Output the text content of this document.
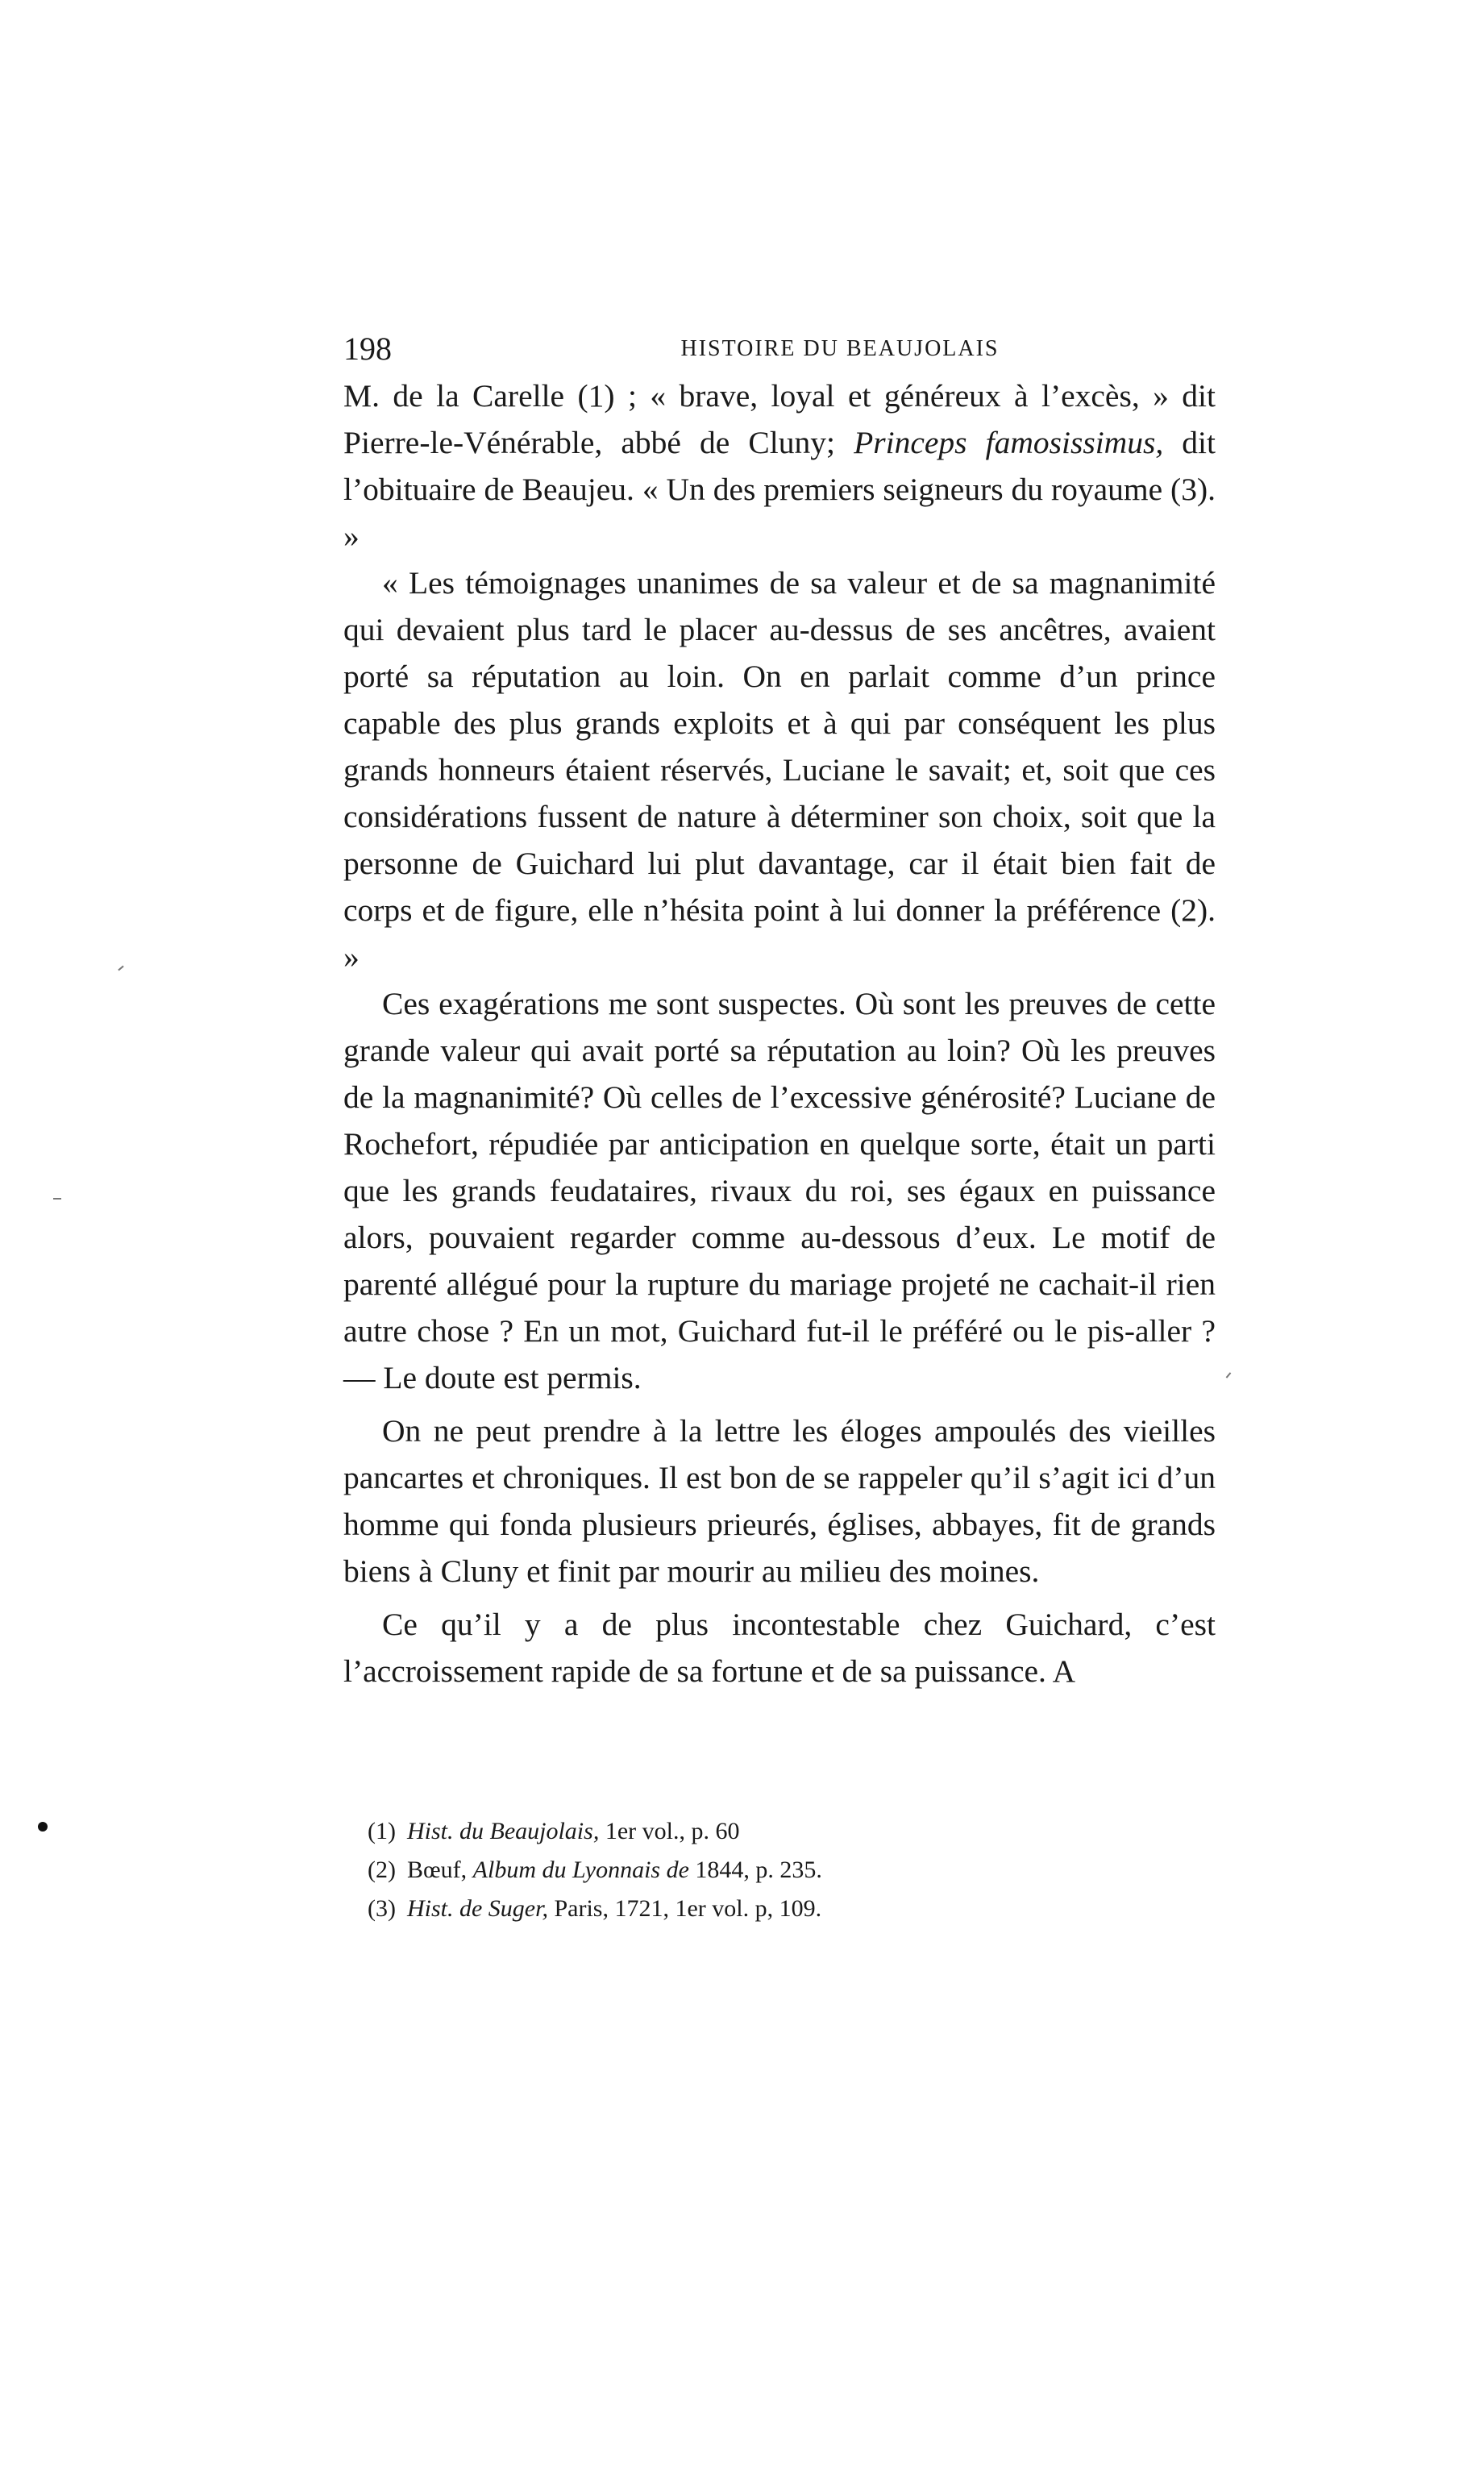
198	HISTOIRE DU BEAUJOLAIS

M. de la Carelle (1) ; « brave, loyal et généreux à l’excès, » dit Pierre-le-Vénérable, abbé de Cluny; Princeps famosissimus, dit l’obituaire de Beaujeu. « Un des premiers seigneurs du royaume (3). »

« Les témoignages unanimes de sa valeur et de sa magnanimité qui devaient plus tard le placer au-dessus de ses ancêtres, avaient porté sa réputation au loin. On en parlait comme d’un prince capable des plus grands exploits et à qui par conséquent les plus grands honneurs étaient réservés, Luciane le savait; et, soit que ces considérations fussent de nature à déterminer son choix, soit que la personne de Guichard lui plut davantage, car il était bien fait de corps et de figure, elle n’hésita point à lui donner la préférence (2). »

Ces exagérations me sont suspectes. Où sont les preuves de cette grande valeur qui avait porté sa réputation au loin? Où les preuves de la magnanimité? Où celles de l’excessive générosité? Luciane de Rochefort, répudiée par anticipation en quelque sorte, était un parti que les grands feudataires, rivaux du roi, ses égaux en puissance alors, pouvaient regarder comme au-dessous d’eux. Le motif de parenté allégué pour la rupture du mariage projeté ne cachait-il rien autre chose ? En un mot, Guichard fut-il le préféré ou le pis-aller ? — Le doute est permis.

On ne peut prendre à la lettre les éloges ampoulés des vieilles pancartes et chroniques. Il est bon de se rappeler qu’il s’agit ici d’un homme qui fonda plusieurs prieurés, églises, abbayes, fit de grands biens à Cluny et finit par mourir au milieu des moines.

Ce qu’il y a de plus incontestable chez Guichard, c’est l’accroissement rapide de sa fortune et de sa puissance. A

(1) Hist. du Beaujolais, 1er vol., p. 60

(2) Bœuf, Album du Lyonnais de 1844, p. 235.

(3) Hist. de Suger, Paris, 1721, 1er vol. p, 109.
